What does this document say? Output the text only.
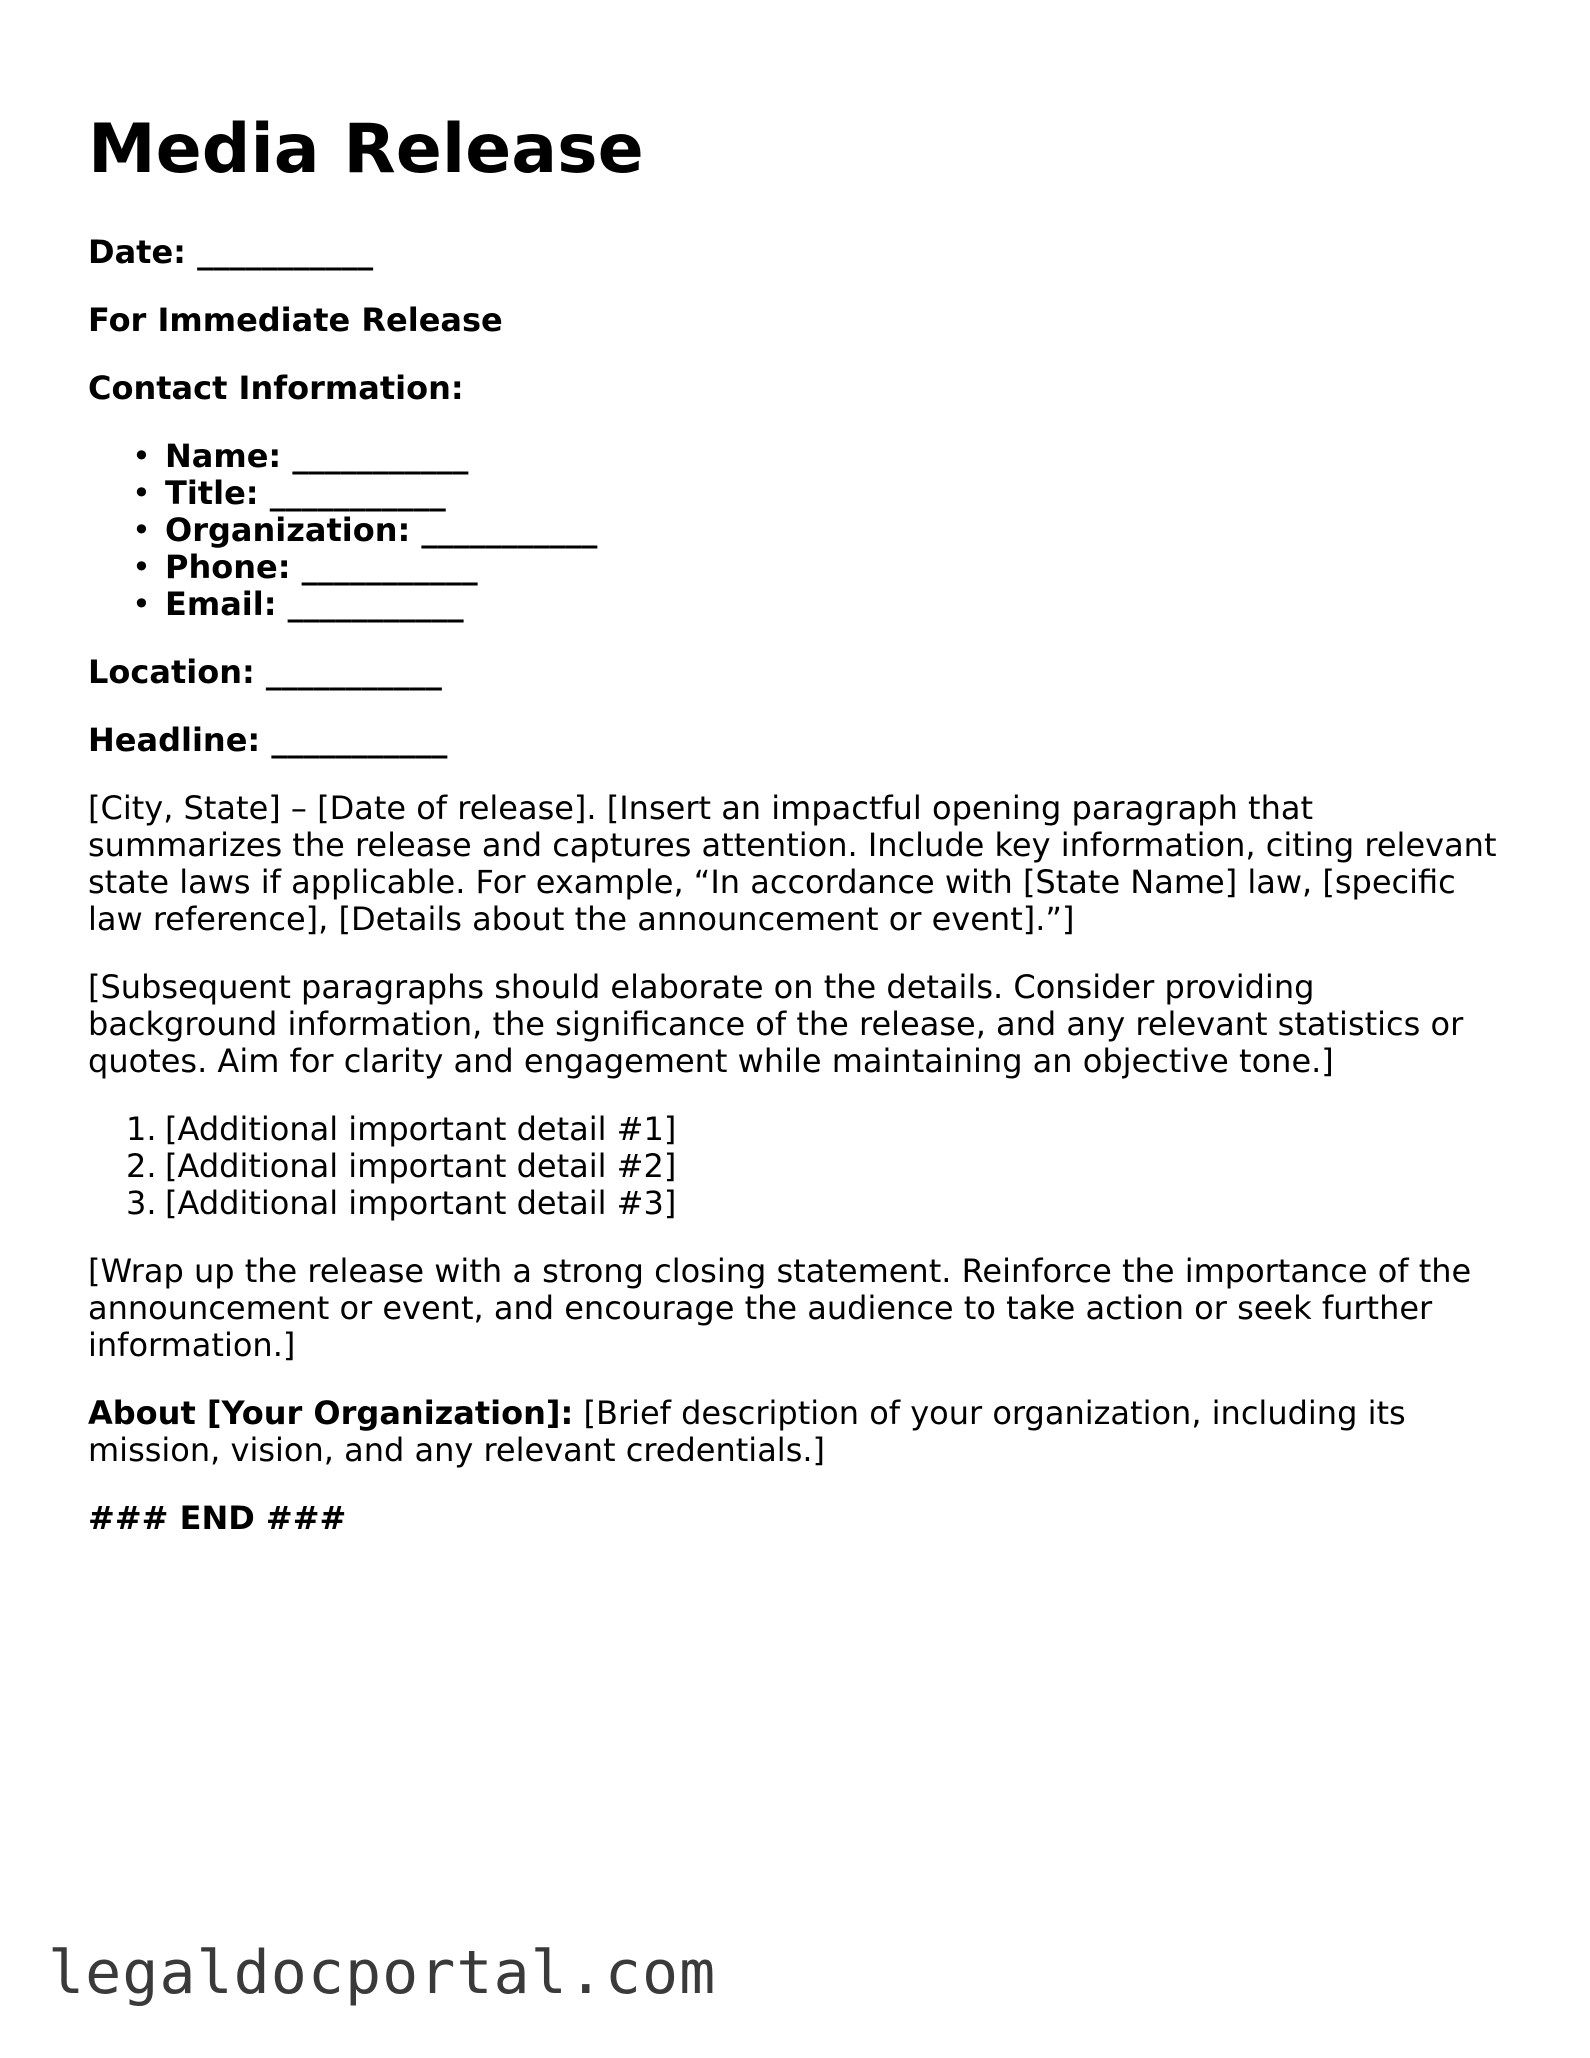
Media Release
Date: ___________
For Immediate Release
Contact Information:
• Name: ___________
• Title: ___________
• Organization: ___________
• Phone: ___________
• Email: ___________
Location: ___________
Headline: ___________
[City, State] – [Date of release]. [Insert an impactful opening paragraph that summarizes the release and captures attention. Include key information, citing relevant state laws if applicable. For example, “In accordance with [State Name] law, [specific law reference], [Details about the announcement or event].”]
[Subsequent paragraphs should elaborate on the details. Consider providing background information, the significance of the release, and any relevant statistics or quotes. Aim for clarity and engagement while maintaining an objective tone.]
1. [Additional important detail #1]
2. [Additional important detail #2]
3. [Additional important detail #3]
[Wrap up the release with a strong closing statement. Reinforce the importance of the announcement or event, and encourage the audience to take action or seek further information.]
About [Your Organization]: [Brief description of your organization, including its mission, vision, and any relevant credentials.]
### END ###
legaldocportal.com
